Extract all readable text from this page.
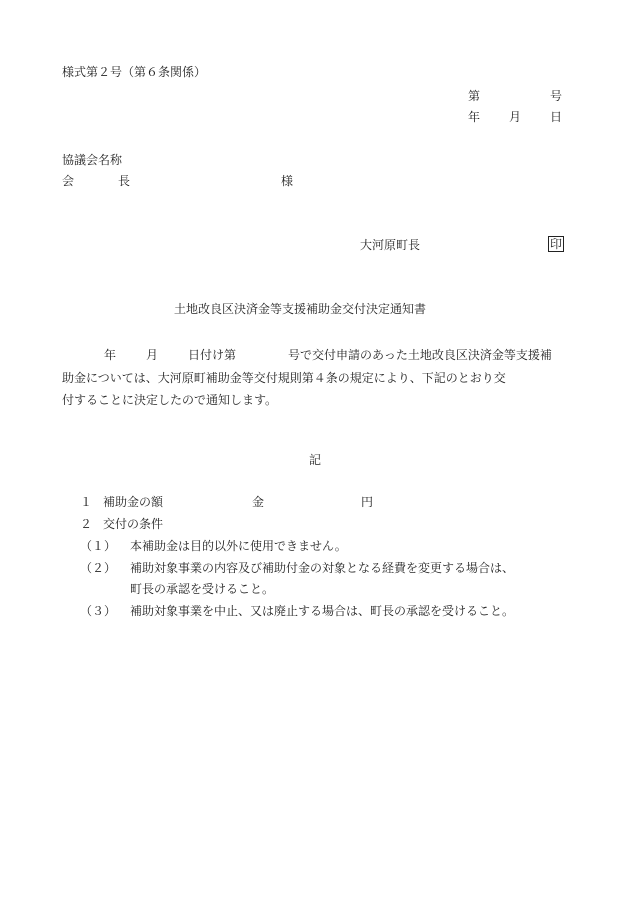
様式第２号（第６条関係）
第	号
年 月 日
協議会名称
会	長	様
大河原町長	印
土地改良区決済金等支援補助金交付決定通知書
年 月 日付け第	号で交付申請のあった土地改良区決済金等支援補
助金については、大河原町補助金等交付規則第４条の規定により、下記のとおり交
付することに決定したので通知します。
記
１ 補助金の額	金	円
２ 交付の条件
（１） 本補助金は目的以外に使用できません。
（２） 補助対象事業の内容及び補助付金の対象となる経費を変更する場合は、
町長の承認を受けること。
（３） 補助対象事業を中止、又は廃止する場合は、町長の承認を受けること。
